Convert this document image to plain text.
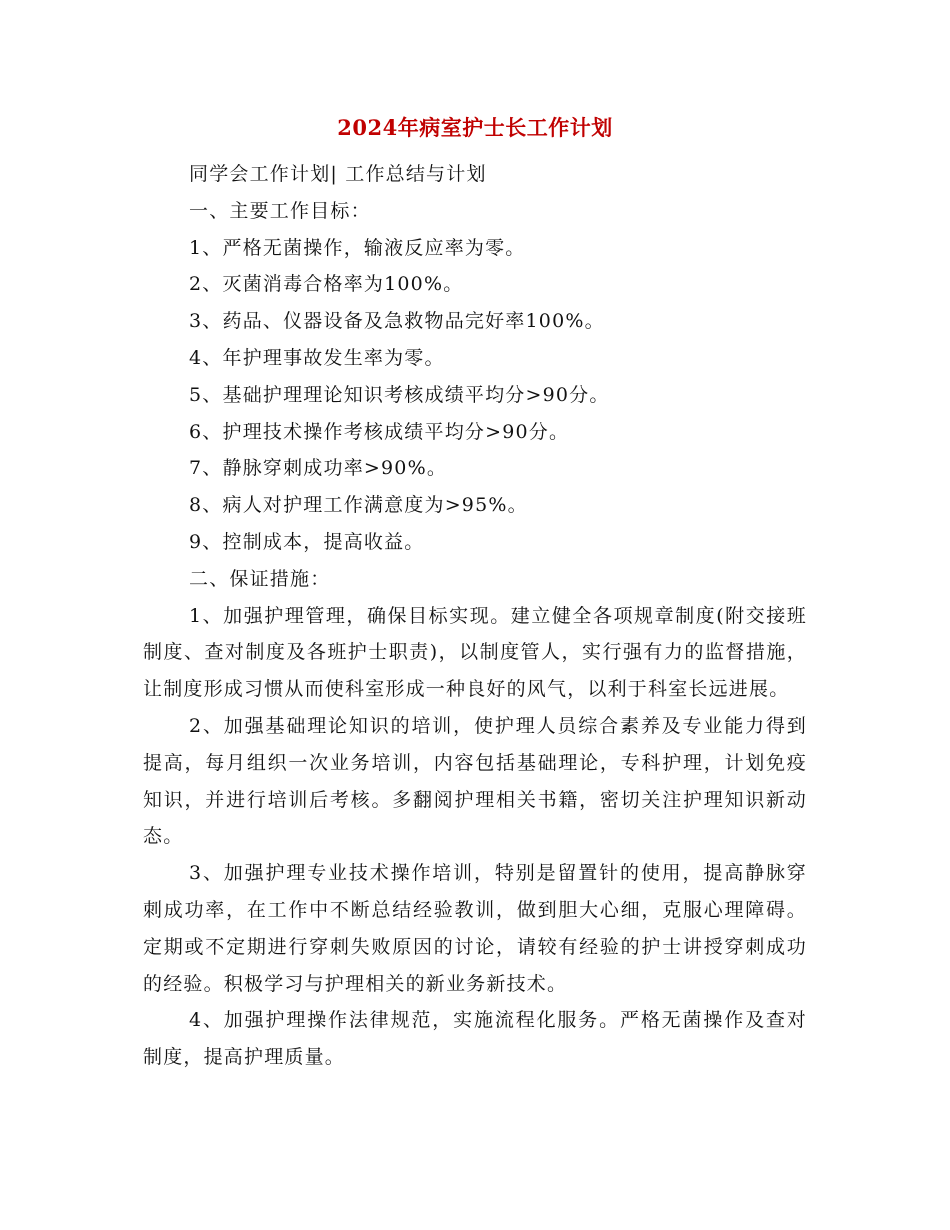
2024年病室护士长工作计划

同学会工作计划| 工作总结与计划

一、主要工作目标：

1、严格无菌操作，输液反应率为零。

2、灭菌消毒合格率为100%。

3、药品、仪器设备及急救物品完好率100%。

4、年护理事故发生率为零。

5、基础护理理论知识考核成绩平均分>90分。

6、护理技术操作考核成绩平均分>90分。

7、静脉穿刺成功率>90%。

8、病人对护理工作满意度为>95%。

9、控制成本，提高收益。

二、保证措施：

1、加强护理管理，确保目标实现。建立健全各项规章制度(附交接班制度、查对制度及各班护士职责)，以制度管人，实行强有力的监督措施，让制度形成习惯从而使科室形成一种良好的风气，以利于科室长远进展。

2、加强基础理论知识的培训，使护理人员综合素养及专业能力得到提高，每月组织一次业务培训，内容包括基础理论，专科护理，计划免疫知识，并进行培训后考核。多翻阅护理相关书籍，密切关注护理知识新动态。

3、加强护理专业技术操作培训，特别是留置针的使用，提高静脉穿刺成功率，在工作中不断总结经验教训，做到胆大心细，克服心理障碍。定期或不定期进行穿刺失败原因的讨论，请较有经验的护士讲授穿刺成功的经验。积极学习与护理相关的新业务新技术。

4、加强护理操作法律规范，实施流程化服务。严格无菌操作及查对制度，提高护理质量。
